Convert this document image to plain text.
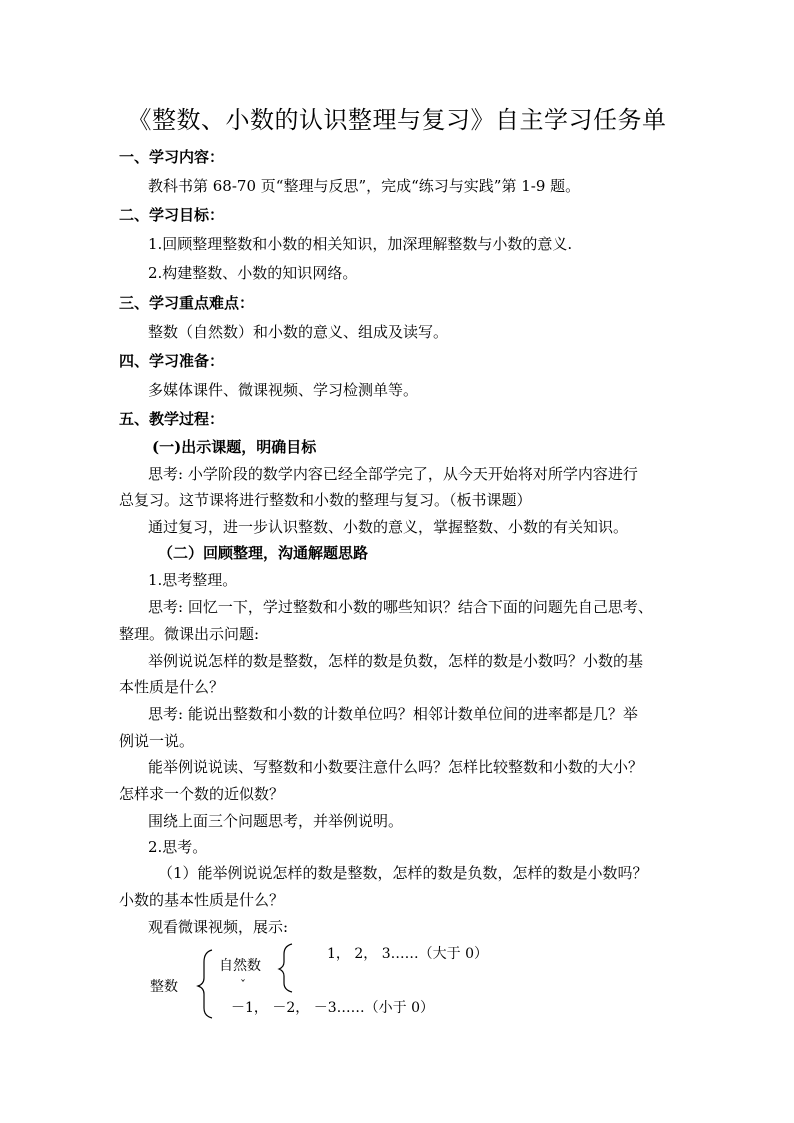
《整数、小数的认识整理与复习》自主学习任务单
一、学习内容：
教科书第 68-70 页“整理与反思”，完成“练习与实践”第 1-9 题。
二、学习目标：
1.回顾整理整数和小数的相关知识，加深理解整数与小数的意义.
2.构建整数、小数的知识网络。
三、学习重点难点：
整数（自然数）和小数的意义、组成及读写。
四、学习准备：
多媒体课件、微课视频、学习检测单等。
五、教学过程：
(一)出示课题，明确目标
思考: 小学阶段的数学内容已经全部学完了，从今天开始将对所学内容进行
总复习。这节课将进行整数和小数的整理与复习。（板书课题）
通过复习，进一步认识整数、小数的意义，掌握整数、小数的有关知识。
（二）回顾整理，沟通解题思路
1.思考整理。
思考: 回忆一下，学过整数和小数的哪些知识？结合下面的问题先自己思考、
整理。微课出示问题:
举例说说怎样的数是整数，怎样的数是负数，怎样的数是小数吗？小数的基
本性质是什么？
思考: 能说出整数和小数的计数单位吗？相邻计数单位间的进率都是几？举
例说一说。
能举例说说读、写整数和小数要注意什么吗？怎样比较整数和小数的大小？
怎样求一个数的近似数？
围绕上面三个问题思考，并举例说明。
2.思考。
（1）能举例说说怎样的数是整数，怎样的数是负数，怎样的数是小数吗？
小数的基本性质是什么？
观看微课视频，展示:
整数
自然数
ˇ
1， 2， 3……（大于 0）
－1， －2， －3……（小于 0）
